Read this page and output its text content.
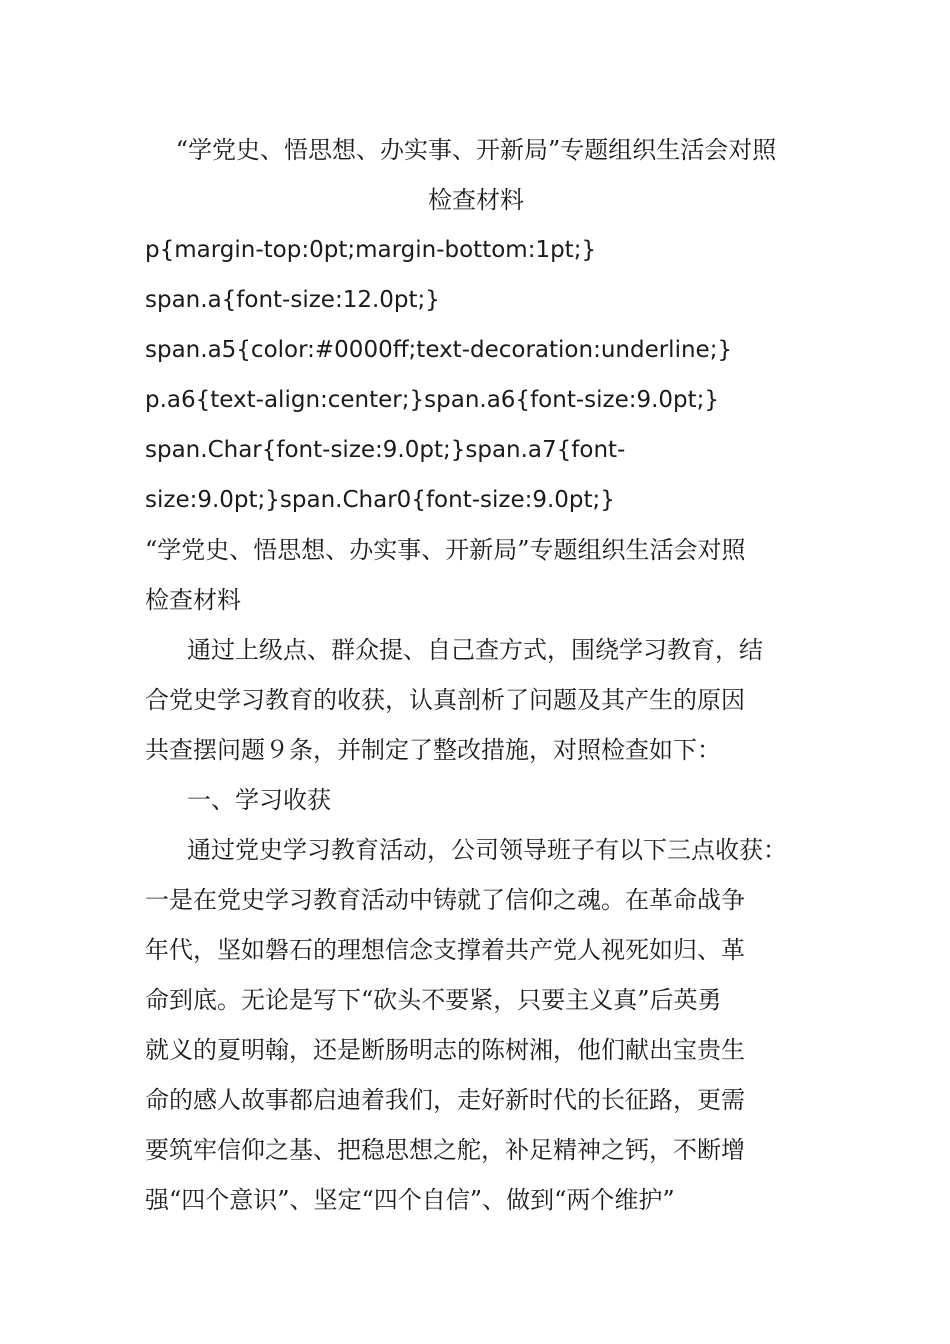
“学党史、悟思想、办实事、开新局”专题组织生活会对照

检查材料

p{margin-top:0pt;margin-bottom:1pt;}

span.a{font-size:12.0pt;}

span.a5{color:#0000ff;text-decoration:underline;}

p.a6{text-align:center;}span.a6{font-size:9.0pt;}

span.Char{font-size:9.0pt;}span.a7{font-

size:9.0pt;}span.Char0{font-size:9.0pt;}

“学党史、悟思想、办实事、开新局”专题组织生活会对照

检查材料

通过上级点、群众提、自己查方式，围绕学习教育，结

合党史学习教育的收获，认真剖析了问题及其产生的原因

共查摆问题９条，并制定了整改措施，对照检查如下：

一、学习收获

通过党史学习教育活动，公司领导班子有以下三点收获：

一是在党史学习教育活动中铸就了信仰之魂。在革命战争

年代，坚如磐石的理想信念支撑着共产党人视死如归、革

命到底。无论是写下“砍头不要紧，只要主义真”后英勇

就义的夏明翰，还是断肠明志的陈树湘，他们献出宝贵生

命的感人故事都启迪着我们，走好新时代的长征路，更需

要筑牢信仰之基、把稳思想之舵，补足精神之钙，不断增

强“四个意识”、坚定“四个自信”、做到“两个维护”
